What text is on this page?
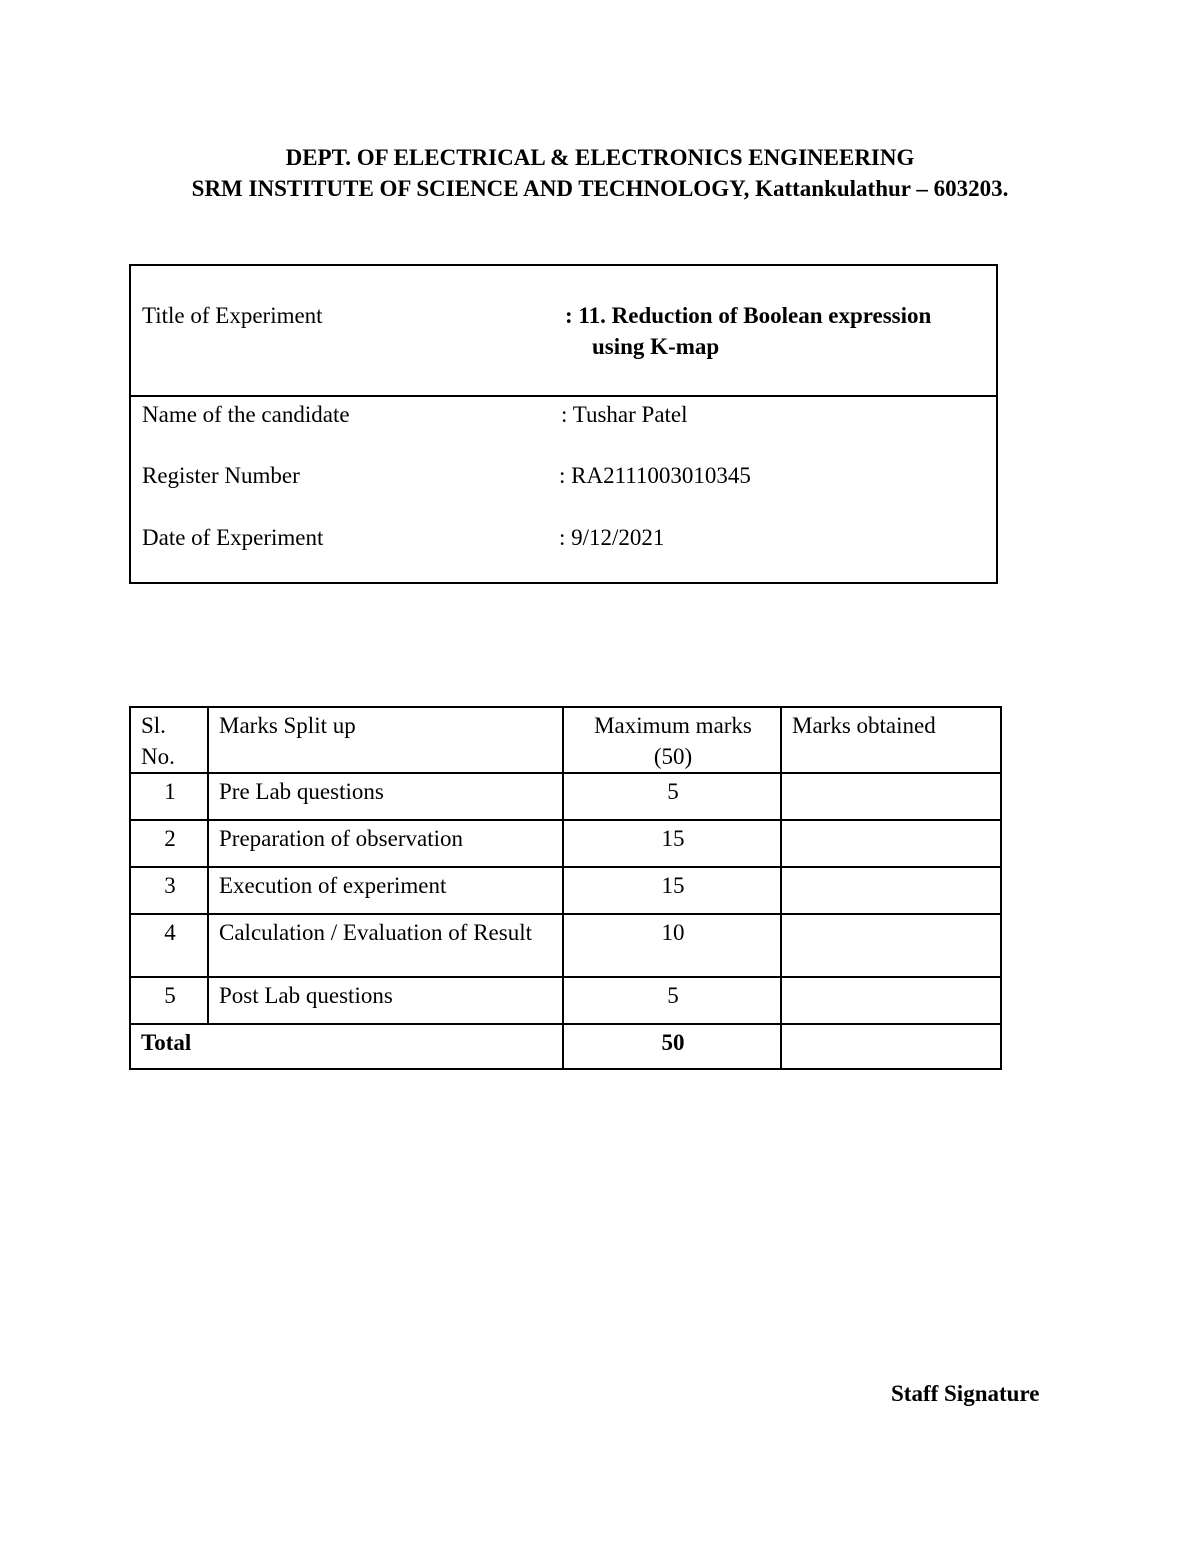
DEPT. OF ELECTRICAL & ELECTRONICS ENGINEERING
SRM INSTITUTE OF SCIENCE AND TECHNOLOGY, Kattankulathur – 603203.
Title of Experiment	: 11. Reduction of Boolean expression
using K-map
Name of the candidate	: Tushar Patel
Register Number	: RA2111003010345
Date of Experiment	: 9/12/2021
Sl. No.	Marks Split up	Maximum marks (50)	Marks obtained
1	Pre Lab questions	5	
2	Preparation of observation	15	
3	Execution of experiment	15	
4	Calculation / Evaluation of Result	10	
5	Post Lab questions	5	
Total		50	
Staff Signature
